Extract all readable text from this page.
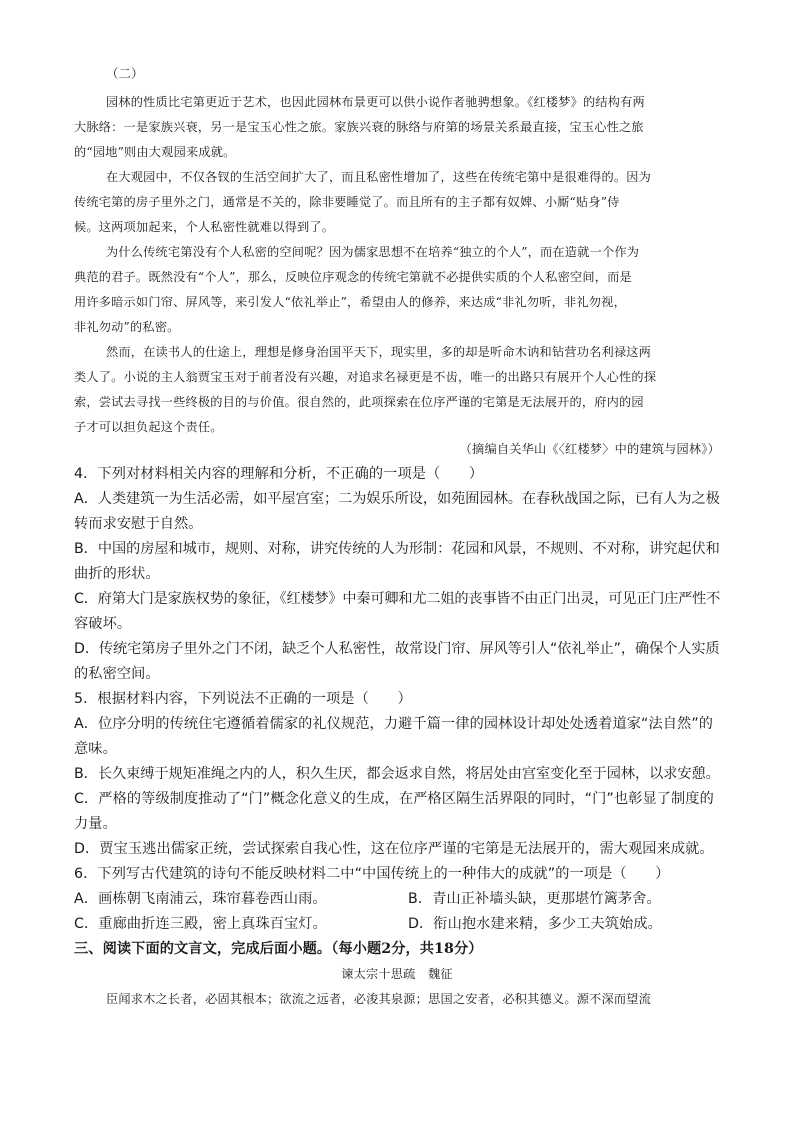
（二）
园林的性质比宅第更近于艺术，也因此园林布景更可以供小说作者驰骋想象。《红楼梦》的结构有两
大脉络：一是家族兴衰，另一是宝玉心性之旅。家族兴衰的脉络与府第的场景关系最直接，宝玉心性之旅
的“园地”则由大观园来成就。
在大观园中，不仅各钗的生活空间扩大了，而且私密性增加了，这些在传统宅第中是很难得的。因为
传统宅第的房子里外之门，通常是不关的，除非要睡觉了。而且所有的主子都有奴婢、小厮“贴身”侍
候。这两项加起来，个人私密性就难以得到了。
为什么传统宅第没有个人私密的空间呢？因为儒家思想不在培养“独立的个人”，而在造就一个作为
典范的君子。既然没有“个人”，那么，反映位序观念的传统宅第就不必提供实质的个人私密空间，而是
用许多暗示如门帘、屏风等，来引发人“依礼举止”，希望由人的修养，来达成“非礼勿听，非礼勿视，
非礼勿动”的私密。
然而，在读书人的仕途上，理想是修身治国平天下，现实里，多的却是听命木讷和钻营功名利禄这两
类人了。小说的主人翁贾宝玉对于前者没有兴趣，对追求名禄更是不齿，唯一的出路只有展开个人心性的探
索，尝试去寻找一些终极的目的与价值。很自然的，此项探索在位序严谨的宅第是无法展开的，府内的园
子才可以担负起这个责任。
（摘编自关华山《〈红楼梦〉中的建筑与园林》）
4．下列对材料相关内容的理解和分析，不正确的一项是（　　）
A．人类建筑一为生活必需，如平屋宫室；二为娱乐所设，如苑囿园林。在春秋战国之际，已有人为之极
转而求安慰于自然。
B．中国的房屋和城市，规则、对称，讲究传统的人为形制：花园和风景，不规则、不对称，讲究起伏和
曲折的形状。
C．府第大门是家族权势的象征，《红楼梦》中秦可卿和尤二姐的丧事皆不由正门出灵，可见正门庄严性不
容破坏。
D．传统宅第房子里外之门不闭，缺乏个人私密性，故常设门帘、屏风等引人“依礼举止”，确保个人实质
的私密空间。
5．根据材料内容，下列说法不正确的一项是（　　）
A．位序分明的传统住宅遵循着儒家的礼仪规范，力避千篇一律的园林设计却处处透着道家“法自然”的
意味。
B．长久束缚于规矩准绳之内的人，积久生厌，都会返求自然，将居处由宫室变化至于园林，以求安憩。
C．严格的等级制度推动了“门”概念化意义的生成，在严格区隔生活界限的同时，“门”也彰显了制度的
力量。
D．贾宝玉逃出儒家正统，尝试探索自我心性，这在位序严谨的宅第是无法展开的，需大观园来成就。
6．下列写古代建筑的诗句不能反映材料二中“中国传统上的一种伟大的成就”的一项是（　　）
A．画栋朝飞南浦云，珠帘暮卷西山雨。	B．青山正补墙头缺，更那堪竹篱茅舍。
C．重廊曲折连三殿，密上真珠百宝灯。	D．衔山抱水建来精，多少工夫筑始成。
三、阅读下面的文言文，完成后面小题。（每小题2分，共18分）
谏太宗十思疏　魏征
臣闻求木之长者，必固其根本；欲流之远者，必浚其泉源；思国之安者，必积其德义。源不深而望流
